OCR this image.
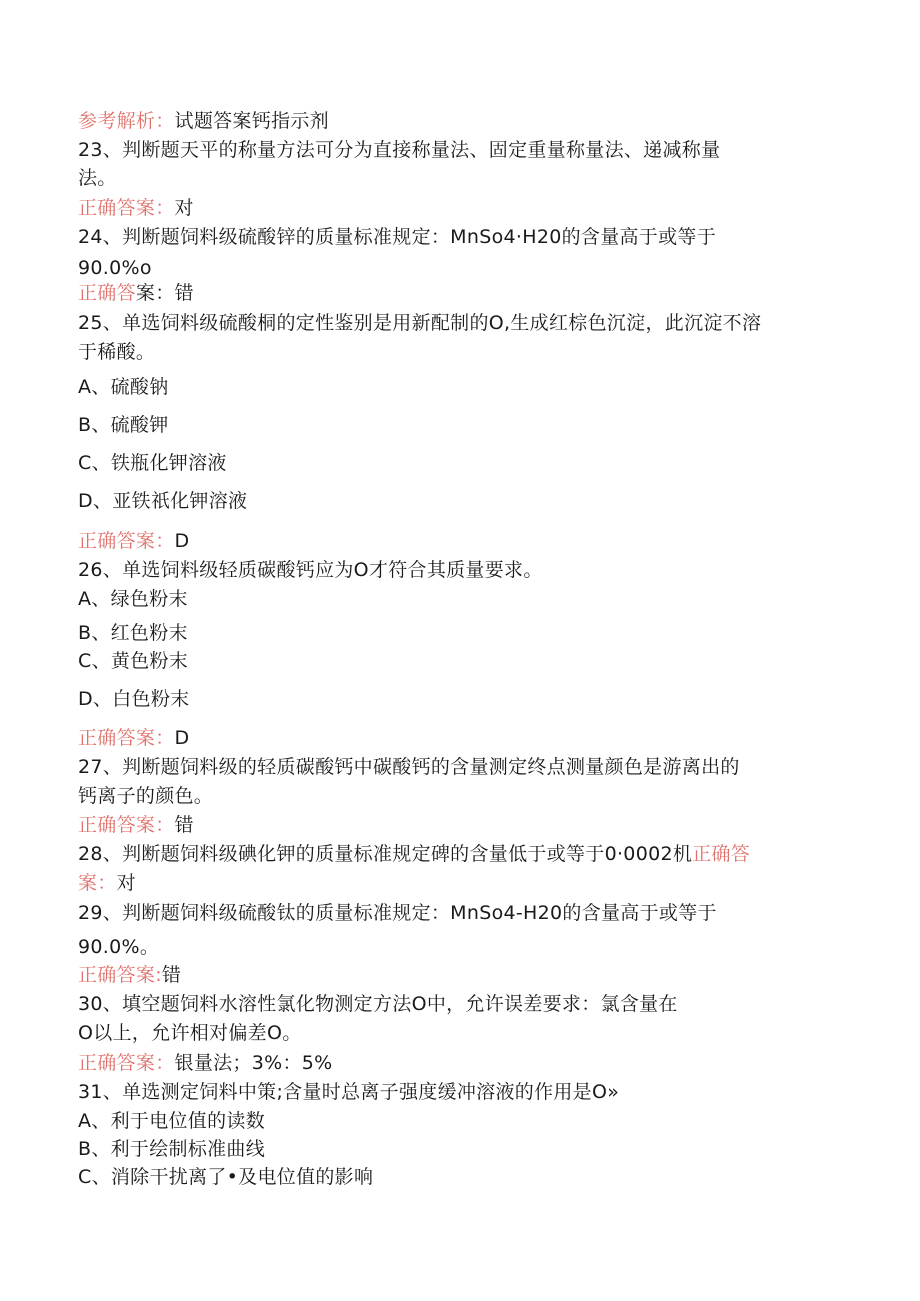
参考解析：试题答案钙指示剂
23、判断题天平的称量方法可分为直接称量法、固定重量称量法、递减称量
法。
正确答案：对
24、判断题饲料级硫酸锌的质量标准规定：MnSo4·H20的含量高于或等于
90.0%o
正确答案：错
25、单选饲料级硫酸桐的定性鉴别是用新配制的O,生成红棕色沉淀，此沉淀不溶
于稀酸。
A、硫酸钠
B、硫酸钾
C、铁瓶化钾溶液
D、亚铁祇化钾溶液
正确答案：D
26、单选饲料级轻质碳酸钙应为O才符合其质量要求。
A、绿色粉末
B、红色粉末
C、黄色粉末
D、白色粉末
正确答案：D
27、判断题饲料级的轻质碳酸钙中碳酸钙的含量测定终点测量颜色是游离出的
钙离子的颜色。
正确答案：错
28、判断题饲料级碘化钾的质量标准规定碑的含量低于或等于0·0002机正确答
案：对
29、判断题饲料级硫酸钛的质量标准规定：MnSo4-H20的含量高于或等于
90.0%。
正确答案:错
30、填空题饲料水溶性氯化物测定方法O中，允许误差要求：氯含量在
O以上，允许相对偏差O。
正确答案：银量法；3%：5%
31、单选测定饲料中策;含量时总离子强度缓冲溶液的作用是O»
A、利于电位值的读数
B、利于绘制标准曲线
C、消除干扰离了•及电位值的影响
